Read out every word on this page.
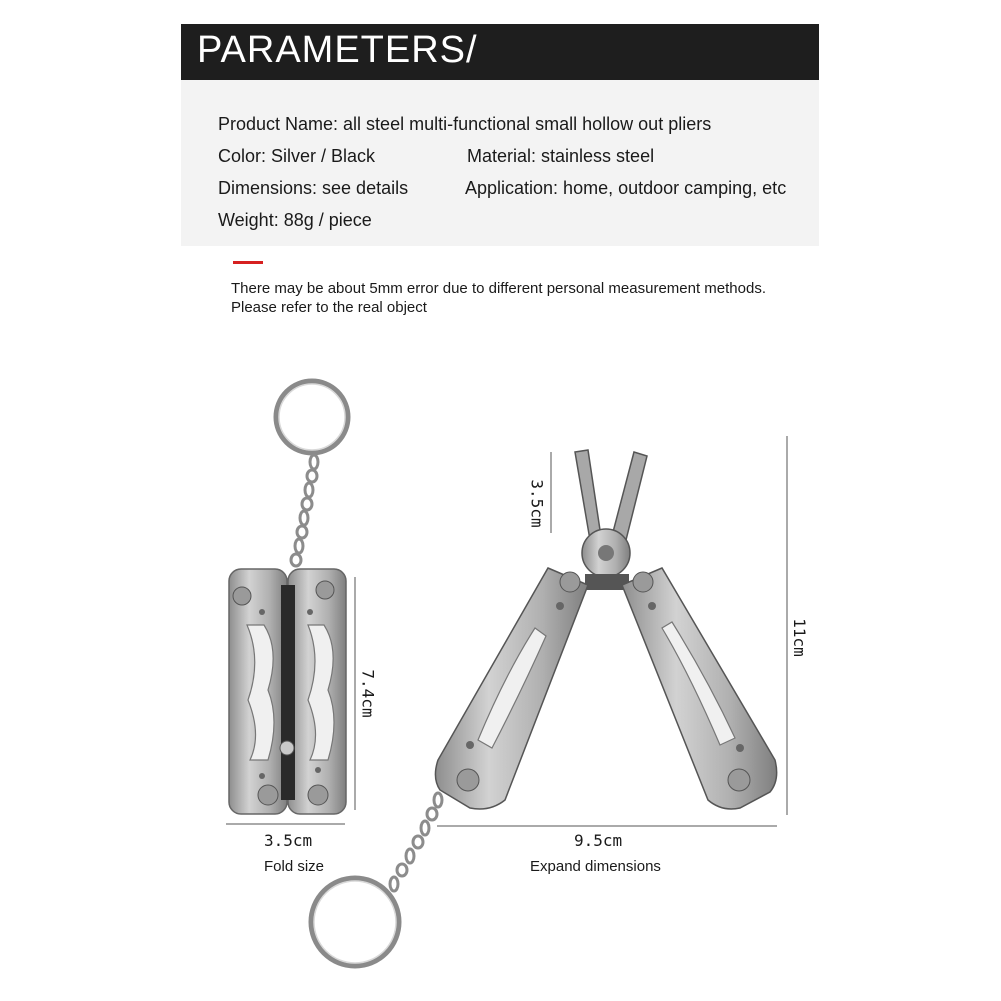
PARAMETERS/
Product Name: all steel multi-functional small hollow out pliers
Color: Silver / Black	Material: stainless steel
Dimensions: see details	Application: home, outdoor camping, etc
Weight: 88g / piece
There may be about 5mm error due to different personal measurement methods.
Please refer to the real object
7.4cm
3.5cm
Fold size
3.5cm
11cm
9.5cm
Expand dimensions
